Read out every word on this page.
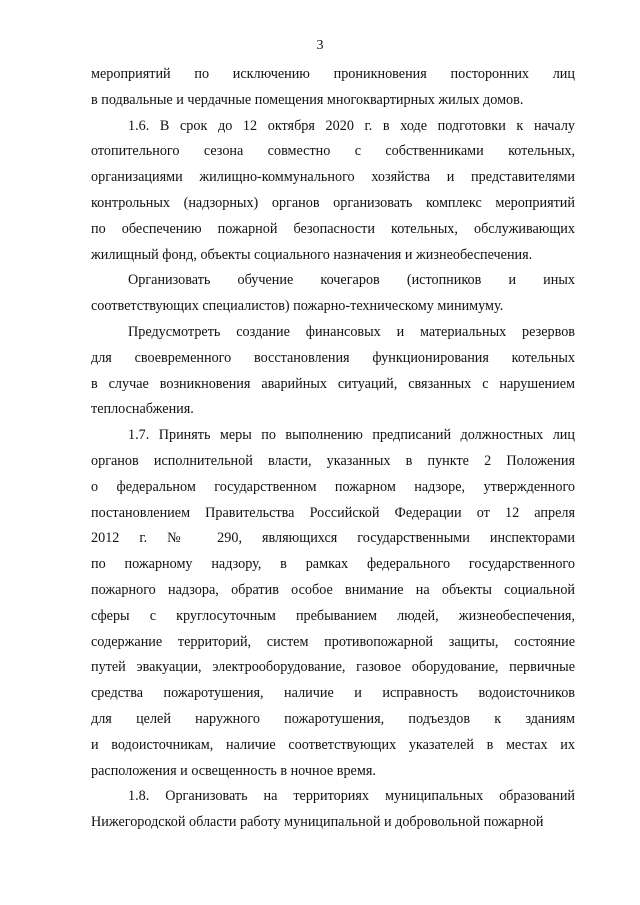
3
мероприятий по исключению проникновения посторонних лиц
в подвальные и чердачные помещения многоквартирных жилых домов.
1.6. В срок до 12 октября 2020 г. в ходе подготовки к началу
отопительного сезона совместно с собственниками котельных,
организациями жилищно-коммунального хозяйства и представителями
контрольных (надзорных) органов организовать комплекс мероприятий
по обеспечению пожарной безопасности котельных, обслуживающих
жилищный фонд, объекты социального назначения и жизнеобеспечения.
Организовать обучение кочегаров (истопников и иных
соответствующих специалистов) пожарно-техническому минимуму.
Предусмотреть создание финансовых и материальных резервов
для своевременного восстановления функционирования котельных
в случае возникновения аварийных ситуаций, связанных с нарушением
теплоснабжения.
1.7. Принять меры по выполнению предписаний должностных лиц
органов исполнительной власти, указанных в пункте 2 Положения
о федеральном государственном пожарном надзоре, утвержденного
постановлением Правительства Российской Федерации от 12 апреля
2012 г. № 290, являющихся государственными инспекторами
по пожарному надзору, в рамках федерального государственного
пожарного надзора, обратив особое внимание на объекты социальной
сферы с круглосуточным пребыванием людей, жизнеобеспечения,
содержание территорий, систем противопожарной защиты, состояние
путей эвакуации, электрооборудование, газовое оборудование, первичные
средства пожаротушения, наличие и исправность водоисточников
для целей наружного пожаротушения, подъездов к зданиям
и водоисточникам, наличие соответствующих указателей в местах их
расположения и освещенность в ночное время.
1.8. Организовать на территориях муниципальных образований
Нижегородской области работу муниципальной и добровольной пожарной
